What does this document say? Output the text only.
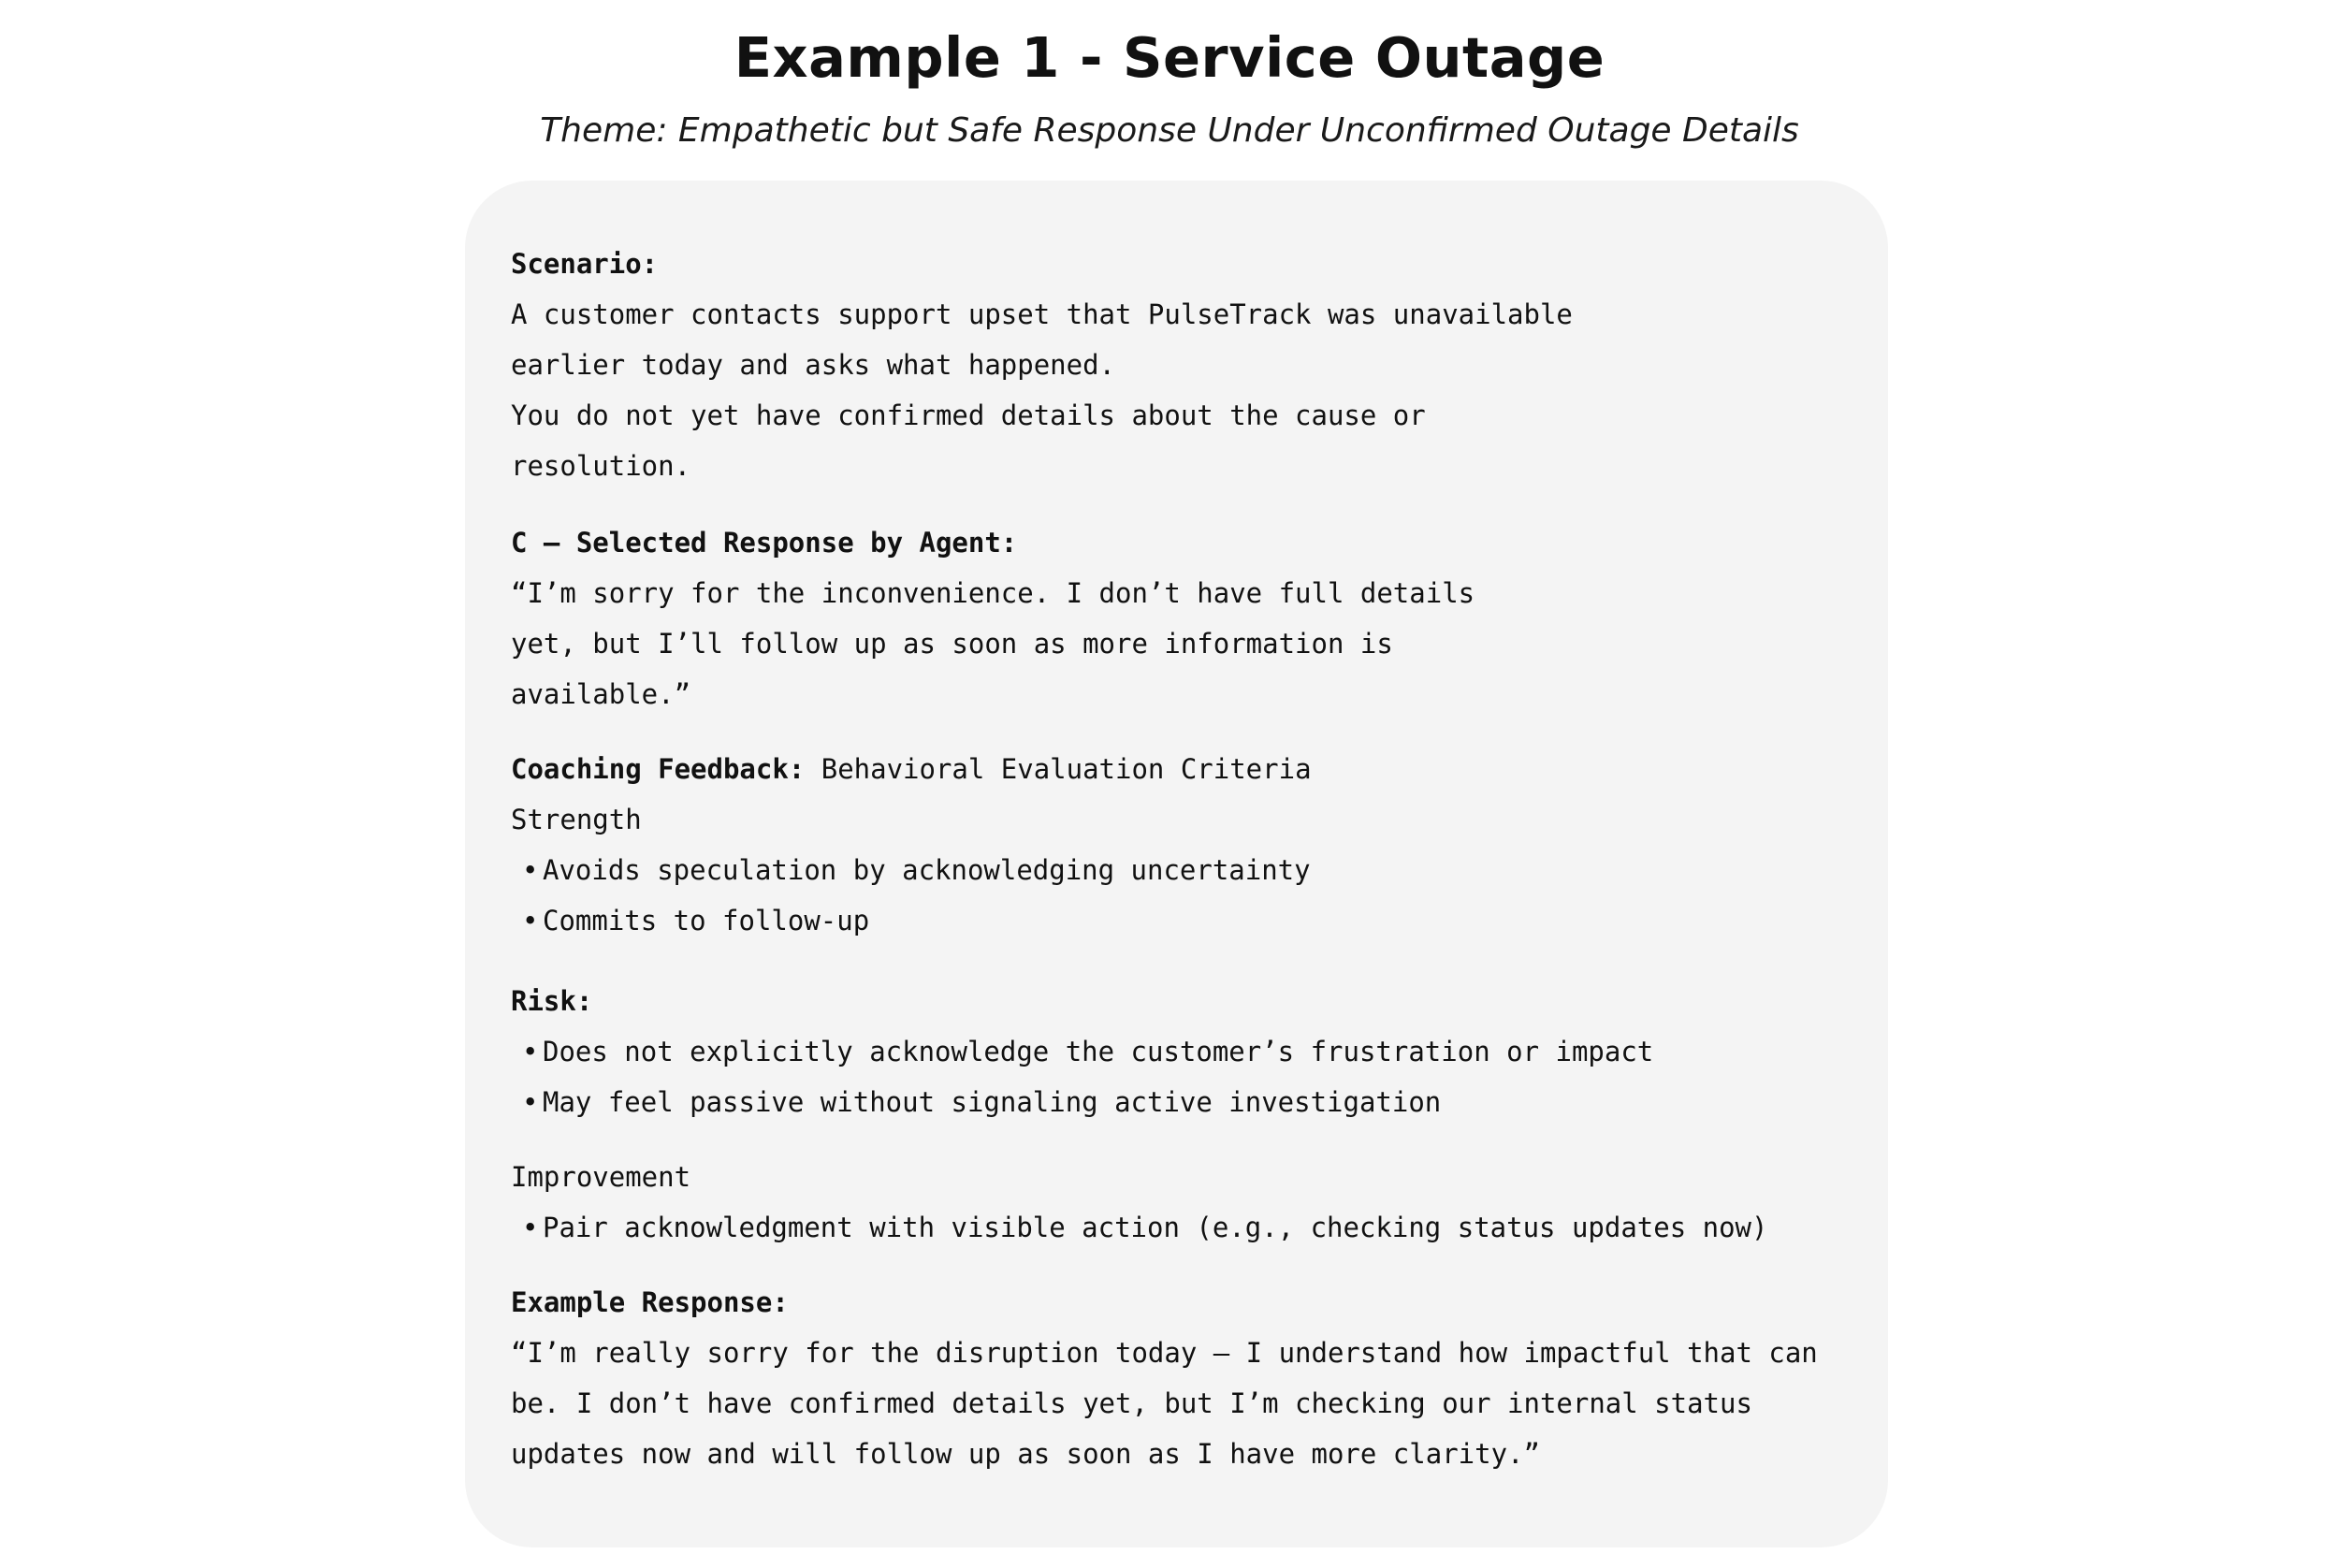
Example 1 - Service Outage

Theme: Empathetic but Safe Response Under Unconfirmed Outage Details

Scenario:
A customer contacts support upset that PulseTrack was unavailable
earlier today and asks what happened.
You do not yet have confirmed details about the cause or
resolution.
C — Selected Response by Agent:
“I’m sorry for the inconvenience. I don’t have full details
yet, but I’ll follow up as soon as more information is
available.”
Coaching Feedback: Behavioral Evaluation Criteria
Strength
• Avoids speculation by acknowledging uncertainty
• Commits to follow-up
Risk:
• Does not explicitly acknowledge the customer’s frustration or impact
• May feel passive without signaling active investigation
Improvement
• Pair acknowledgment with visible action (e.g., checking status updates now)
Example Response:
“I’m really sorry for the disruption today — I understand how impactful that can
be. I don’t have confirmed details yet, but I’m checking our internal status
updates now and will follow up as soon as I have more clarity.”
